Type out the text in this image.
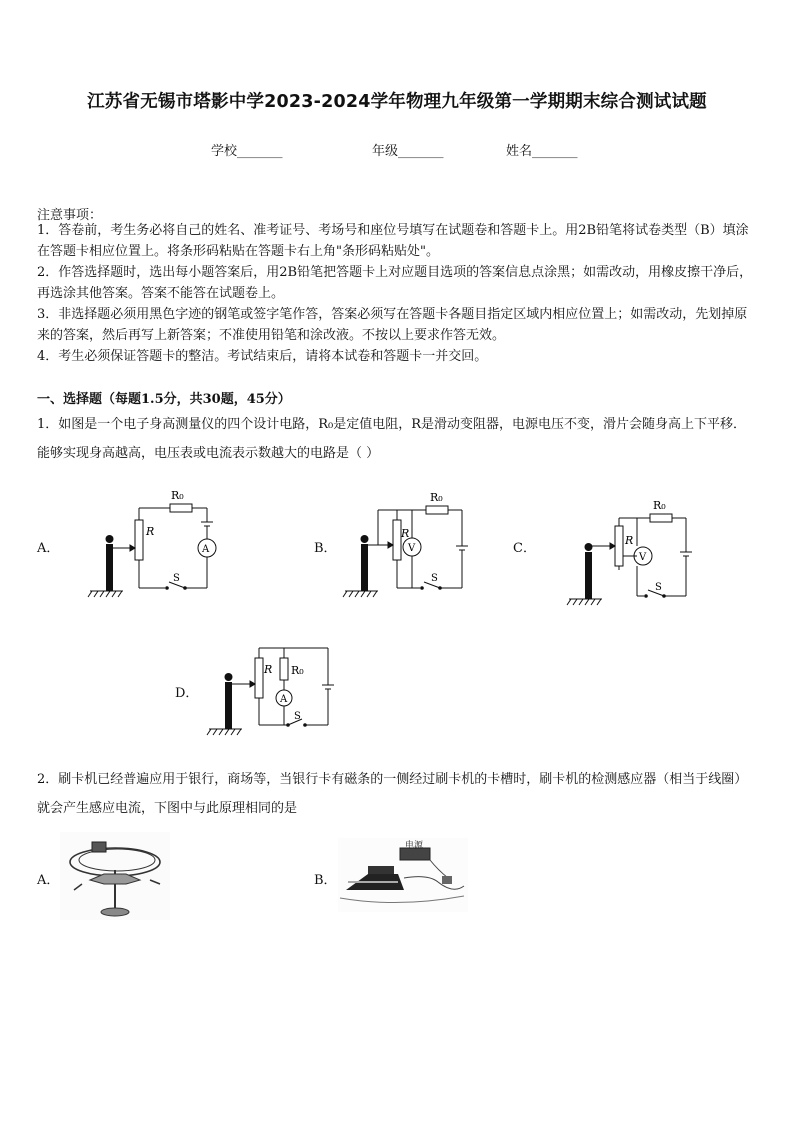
江苏省无锡市塔影中学2023-2024学年物理九年级第一学期期末综合测试试题
学校_______	年级_______	姓名_______
注意事项：
1．答卷前，考生务必将自己的姓名、准考证号、考场号和座位号填写在试题卷和答题卡上。用2B铅笔将试卷类型（B）填涂在答题卡相应位置上。将条形码粘贴在答题卡右上角"条形码粘贴处"。
2．作答选择题时，选出每小题答案后，用2B铅笔把答题卡上对应题目选项的答案信息点涂黑；如需改动，用橡皮擦干净后，再选涂其他答案。答案不能答在试题卷上。
3．非选择题必须用黑色字迹的钢笔或签字笔作答，答案必须写在答题卡各题目指定区域内相应位置上；如需改动，先划掉原来的答案，然后再写上新答案；不准使用铅笔和涂改液。不按以上要求作答无效。
4．考生必须保证答题卡的整洁。考试结束后，请将本试卷和答题卡一并交回。
一、选择题（每题1.5分，共30题，45分）
1．如图是一个电子身高测量仪的四个设计电路，R₀是定值电阻，R是滑动变阻器，电源电压不变，滑片会随身高上下平移．能够实现身高越高，电压表或电流表示数越大的电路是（ ）
A．	B．	C．
D．
R₀
R
A
S
R₀
R
V
S
R₀
R
V
S
R₀
R
A
S
2．刷卡机已经普遍应用于银行，商场等，当银行卡有磁条的一侧经过刷卡机的卡槽时，刷卡机的检测感应器（相当于线圈）就会产生感应电流，下图中与此原理相同的是
A．	B．
电源
